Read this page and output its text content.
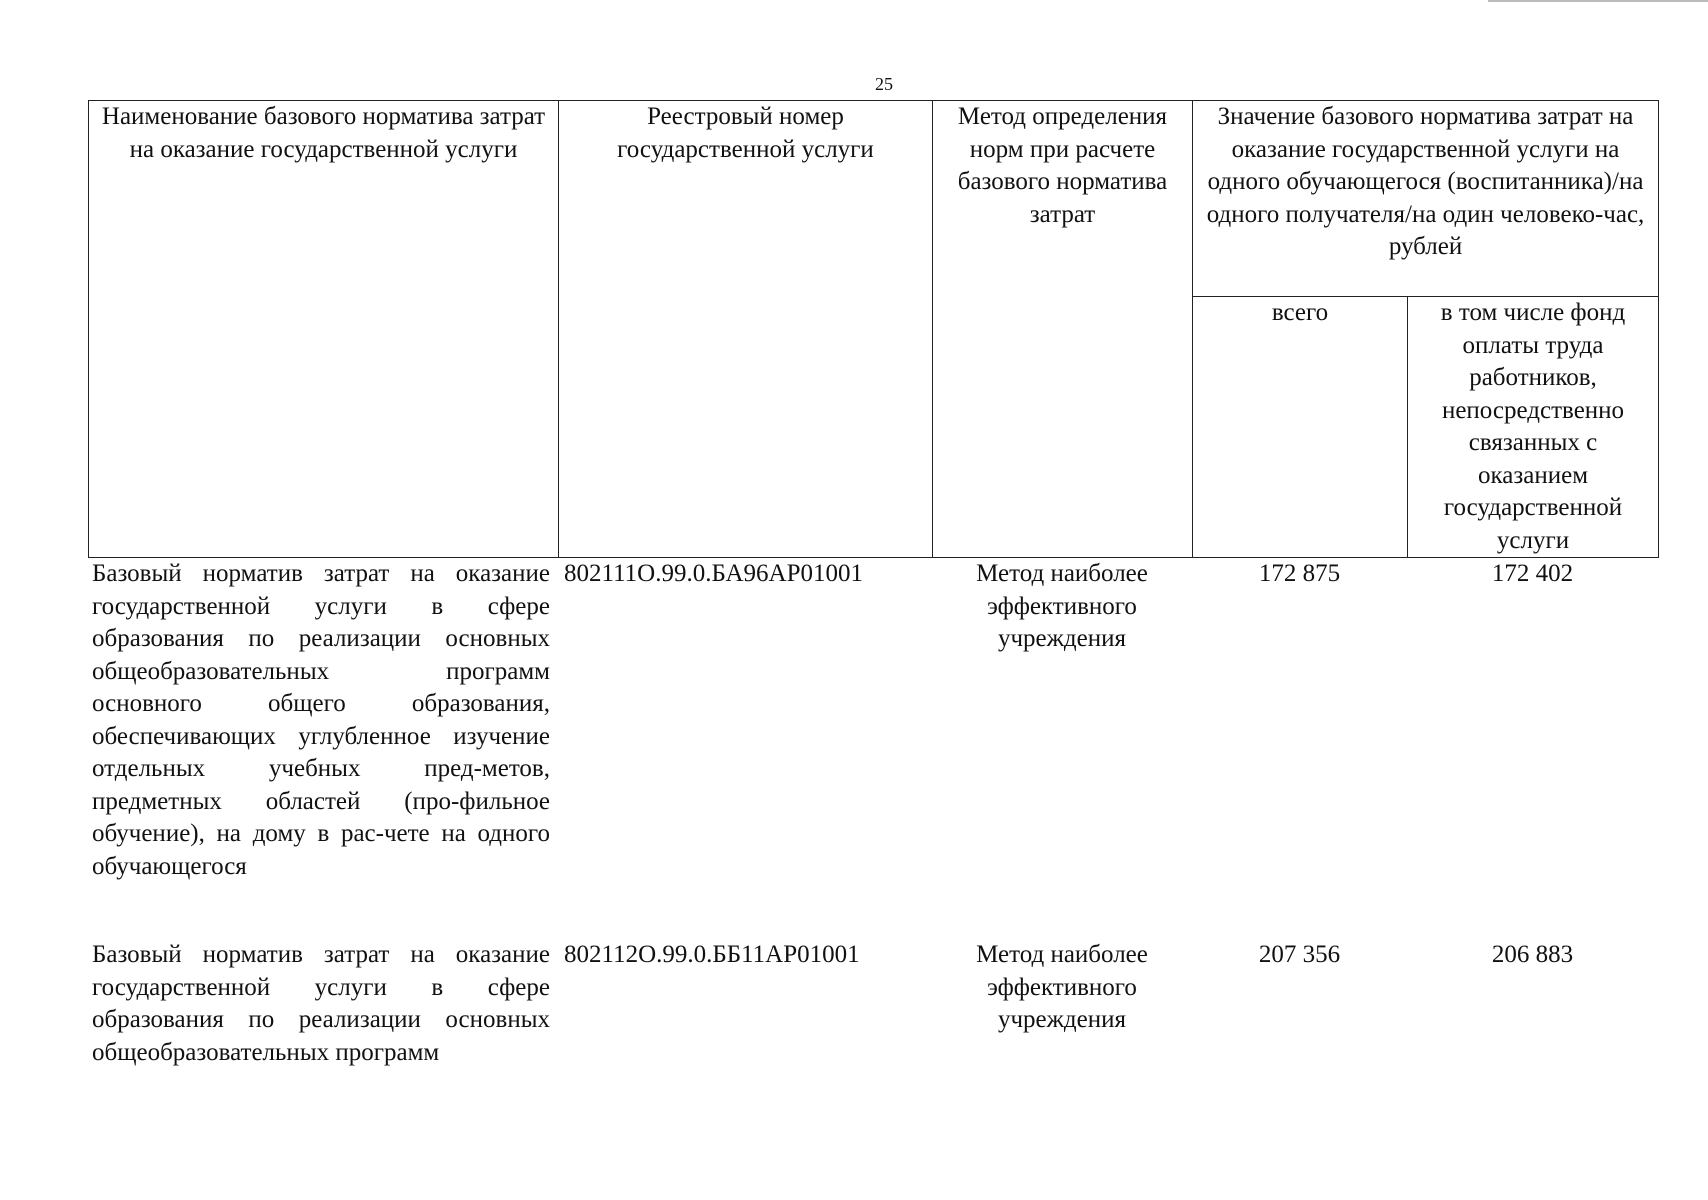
25
Наименование базового норматива затрат на оказание государственной услуги	Реестровый номер государственной услуги	Метод определения норм при расчете базового норматива затрат	Значение базового норматива затрат на оказание государственной услуги на одного обучающегося (воспитанника)/на одного получателя/на один человеко-час, рублей	
			всего	в том числе фонд оплаты труда работников, непосредственно связанных с оказанием государственной услуги
Базовый норматив затрат на оказание государственной услуги в сфере образования по реализации основных общеобразовательных программ основного общего образования, обеспечивающих углубленное изучение отдельных учебных пред-метов, предметных областей (про-фильное обучение), на дому в рас-чете на одного обучающегося	802111О.99.0.БА96АР01001	Метод наиболее эффективного учреждения	172 875	172 402
Базовый норматив затрат на оказание государственной услуги в сфере образования по реализации основных общеобразовательных программ	802112О.99.0.ББ11АР01001	Метод наиболее эффективного учреждения	207 356	206 883
